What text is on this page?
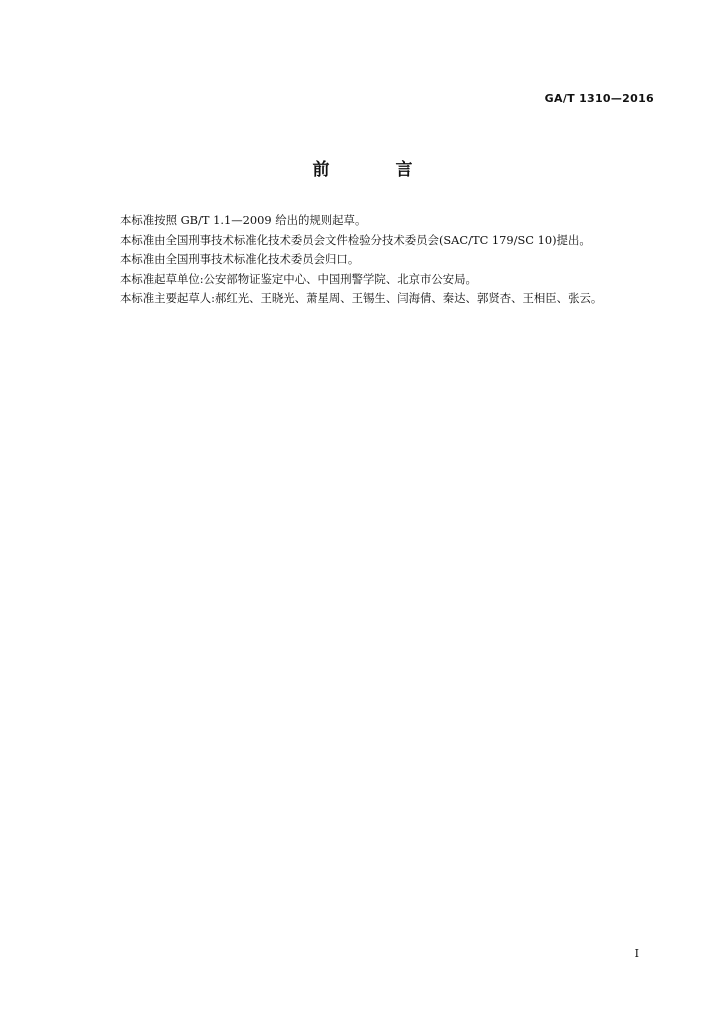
GA/T 1310—2016
前 言

本标准按照 GB/T 1.1—2009 给出的规则起草。

本标准由全国刑事技术标准化技术委员会文件检验分技术委员会(SAC/TC 179/SC 10)提出。

本标准由全国刑事技术标准化技术委员会归口。

本标准起草单位:公安部物证鉴定中心、中国刑警学院、北京市公安局。

本标准主要起草人:郝红光、王晓光、萧星周、王锡生、闫海倩、秦达、郭贤杏、王相臣、张云。

I
